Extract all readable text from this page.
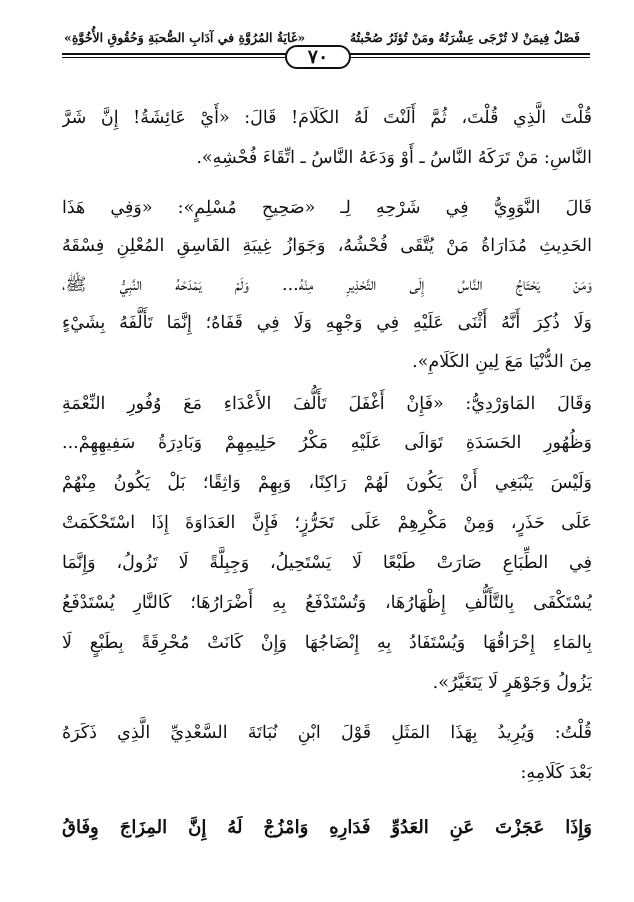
فَصْلٌ فِيمَنْ لا تُرْجَى عِشْرَتُهُ ومَنْ تُؤثَرُ صُحْبتُهُ
«غَايَةُ المُرُوَّةِ في آدَابِ الصُّحبَةِ وَحُقُوقِ الأُخُوَّةِ»
٧٠
قُلْتَ الَّذِي قُلْتَ، ثُمَّ أَلَنْتَ لَهُ الكَلَامَ! قَالَ: «أَيْ عَائِشَةُ! إِنَّ شَرَّ
النَّاسِ: مَنْ تَرَكَهُ النَّاسُ ـ أَوْ وَدَعَهُ النَّاسُ ـ اتِّقَاءَ فُحْشِهِ».
قَالَ النَّوَوِيُّ فِي شَرْحِهِ لِـ «صَحِيحِ مُسْلِمٍ»: «وَفِي هَذَا
الحَدِيثِ مُدَارَاةُ مَنْ يُتَّقَى فُحْشُهُ، وَجَوَازُ غِيبَةِ الفَاسِقِ المُعْلِنِ فِسْقَهُ
وَمَنْ يَحْتَاجُ النَّاسُ إِلَى التَّحْذِيرِ مِنْهُ... وَلَمْ يَمْدَحْهُ النَّبِيُّ ﷺ،
وَلَا ذُكِرَ أَنَّهُ أَثْنَى عَلَيْهِ فِي وَجْهِهِ وَلَا فِي قَفَاهُ؛ إِنَّمَا تَأَلَّفَهُ بِشَيْءٍ
مِنَ الدُّنْيَا مَعَ لِينِ الكَلَامِ».
وَقَالَ المَاوَرْدِيُّ: «فَإِنْ أَغْفَلَ تَأَلُّفَ الأَعْدَاءِ مَعَ وُفُورِ النِّعْمَةِ
وَظُهُورِ الحَسَدَةِ تَوَالَى عَلَيْهِ مَكْرُ حَلِيمِهِمْ وَبَادِرَةُ سَفِيهِهِمْ...
وَلَيْسَ يَنْبَغِي أَنْ يَكُونَ لَهُمْ رَاكِنًا، وَبِهِمْ وَاثِقًا؛ بَلْ يَكُونُ مِنْهُمْ
عَلَى حَذَرٍ، وَمِنْ مَكْرِهِمْ عَلَى تَحَرُّزٍ؛ فَإِنَّ العَدَاوَةَ إِذَا اسْتَحْكَمَتْ
فِي الطِّبَاعِ صَارَتْ طَبْعًا لَا يَسْتَحِيلُ، وَجِبِلَّةً لَا تَزُولُ، وَإِنَّمَا
يُسْتَكْفَى بِالتَّأَلُّفِ إِظْهَارُهَا، وَتُسْتَدْفَعُ بِهِ أَضْرَارُهَا؛ كَالنَّارِ يُسْتَدْفَعُ
بِالمَاءِ إِحْرَاقُهَا وَيُسْتَفَادُ بِهِ إِنْضَاجُهَا وَإِنْ كَانَتْ مُحْرِقَةً بِطَبْعٍ لَا
يَزُولُ وَجَوْهَرٍ لَا يَتَغَيَّرُ».
قُلْتُ: وَيُرِيدُ بِهَذَا المَثَلِ قَوْلَ ابْنِ نُبَاتَةَ السَّعْدِيِّ الَّذِي ذَكَرَهُ
بَعْدَ كَلَامِهِ:
وَإِذَا عَجَزْتَ عَنِ العَدُوِّ فَدَارِهِ وَامْزُجْ لَهُ إِنَّ المِزَاجَ وِفَاقُ
